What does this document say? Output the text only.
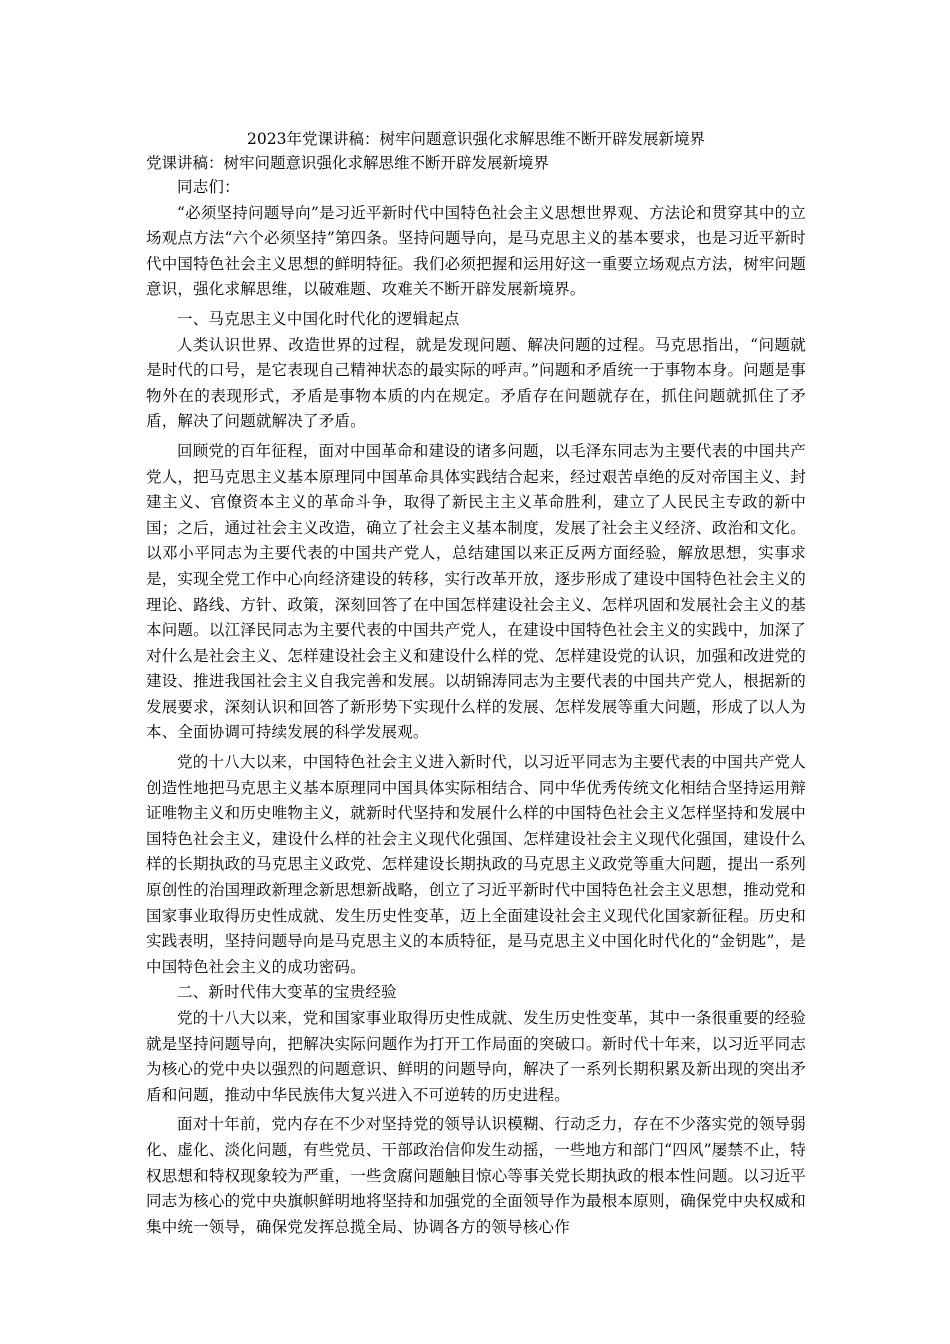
2023年党课讲稿：树牢问题意识强化求解思维不断开辟发展新境界
党课讲稿：树牢问题意识强化求解思维不断开辟发展新境界

同志们：

“必须坚持问题导向”是习近平新时代中国特色社会主义思想世界观、方法论和贯穿其中的立场观点方法“六个必须坚持”第四条。坚持问题导向，是马克思主义的基本要求，也是习近平新时代中国特色社会主义思想的鲜明特征。我们必须把握和运用好这一重要立场观点方法，树牢问题意识，强化求解思维，以破难题、攻难关不断开辟发展新境界。

一、马克思主义中国化时代化的逻辑起点

人类认识世界、改造世界的过程，就是发现问题、解决问题的过程。马克思指出，“问题就是时代的口号，是它表现自己精神状态的最实际的呼声。”问题和矛盾统一于事物本身。问题是事物外在的表现形式，矛盾是事物本质的内在规定。矛盾存在问题就存在，抓住问题就抓住了矛盾，解决了问题就解决了矛盾。

回顾党的百年征程，面对中国革命和建设的诸多问题，以毛泽东同志为主要代表的中国共产党人，把马克思主义基本原理同中国革命具体实践结合起来，经过艰苦卓绝的反对帝国主义、封建主义、官僚资本主义的革命斗争，取得了新民主主义革命胜利，建立了人民民主专政的新中国；之后，通过社会主义改造，确立了社会主义基本制度，发展了社会主义经济、政治和文化。以邓小平同志为主要代表的中国共产党人，总结建国以来正反两方面经验，解放思想，实事求是，实现全党工作中心向经济建设的转移，实行改革开放，逐步形成了建设中国特色社会主义的理论、路线、方针、政策，深刻回答了在中国怎样建设社会主义、怎样巩固和发展社会主义的基本问题。以江泽民同志为主要代表的中国共产党人，在建设中国特色社会主义的实践中，加深了对什么是社会主义、怎样建设社会主义和建设什么样的党、怎样建设党的认识，加强和改进党的建设、推进我国社会主义自我完善和发展。以胡锦涛同志为主要代表的中国共产党人，根据新的发展要求，深刻认识和回答了新形势下实现什么样的发展、怎样发展等重大问题，形成了以人为本、全面协调可持续发展的科学发展观。

党的十八大以来，中国特色社会主义进入新时代，以习近平同志为主要代表的中国共产党人创造性地把马克思主义基本原理同中国具体实际相结合、同中华优秀传统文化相结合坚持运用辩证唯物主义和历史唯物主义，就新时代坚持和发展什么样的中国特色社会主义怎样坚持和发展中国特色社会主义，建设什么样的社会主义现代化强国、怎样建设社会主义现代化强国，建设什么样的长期执政的马克思主义政党、怎样建设长期执政的马克思主义政党等重大问题，提出一系列原创性的治国理政新理念新思想新战略，创立了习近平新时代中国特色社会主义思想，推动党和国家事业取得历史性成就、发生历史性变革，迈上全面建设社会主义现代化国家新征程。历史和实践表明，坚持问题导向是马克思主义的本质特征，是马克思主义中国化时代化的“金钥匙”，是中国特色社会主义的成功密码。

二、新时代伟大变革的宝贵经验

党的十八大以来，党和国家事业取得历史性成就、发生历史性变革，其中一条很重要的经验就是坚持问题导向，把解决实际问题作为打开工作局面的突破口。新时代十年来，以习近平同志为核心的党中央以强烈的问题意识、鲜明的问题导向，解决了一系列长期积累及新出现的突出矛盾和问题，推动中华民族伟大复兴进入不可逆转的历史进程。

面对十年前，党内存在不少对坚持党的领导认识模糊、行动乏力，存在不少落实党的领导弱化、虚化、淡化问题，有些党员、干部政治信仰发生动摇，一些地方和部门“四风”屡禁不止，特权思想和特权现象较为严重，一些贪腐问题触目惊心等事关党长期执政的根本性问题。以习近平同志为核心的党中央旗帜鲜明地将坚持和加强党的全面领导作为最根本原则，确保党中央权威和集中统一领导，确保党发挥总揽全局、协调各方的领导核心作
